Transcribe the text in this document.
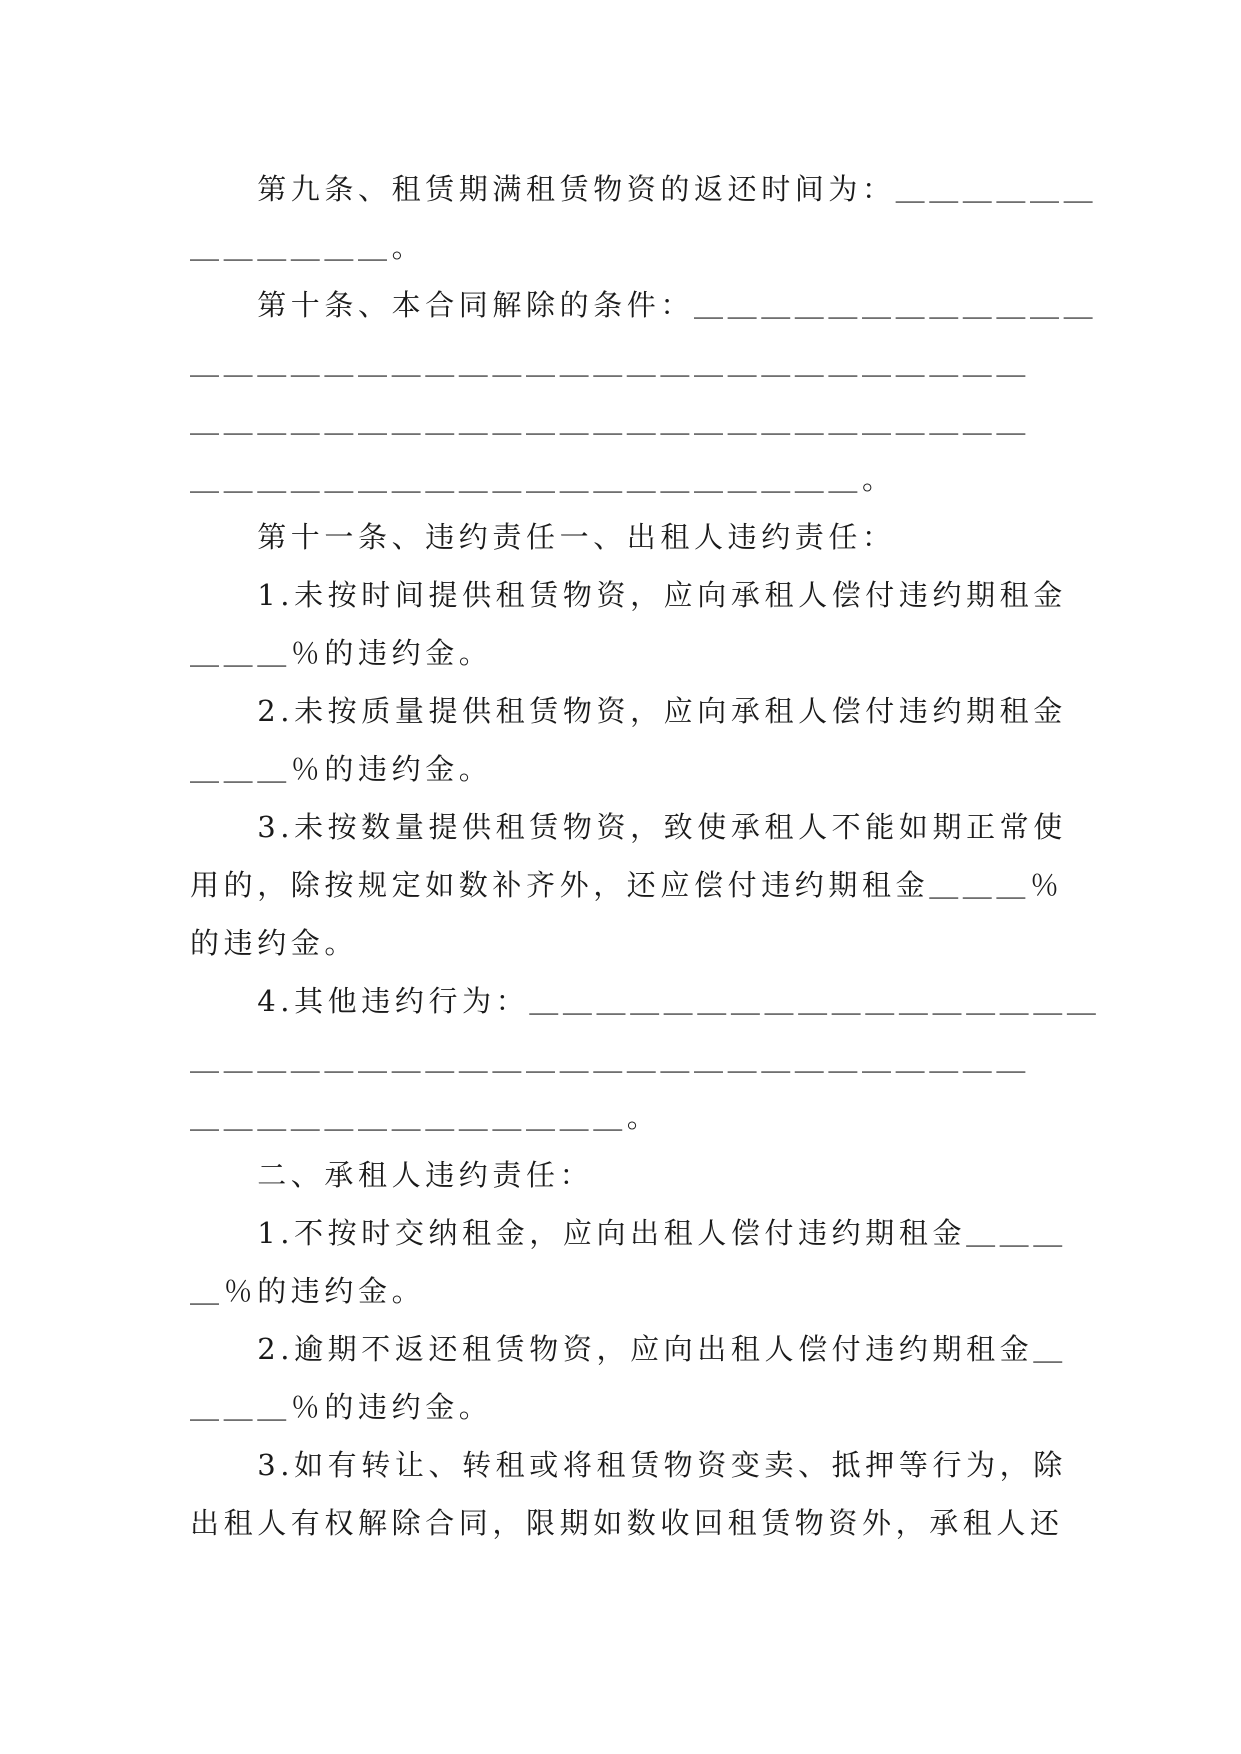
　　第九条、租赁期满租赁物资的返还时间为：＿＿＿＿＿＿
＿＿＿＿＿＿。
　　第十条、本合同解除的条件：＿＿＿＿＿＿＿＿＿＿＿＿
＿＿＿＿＿＿＿＿＿＿＿＿＿＿＿＿＿＿＿＿＿＿＿＿＿
＿＿＿＿＿＿＿＿＿＿＿＿＿＿＿＿＿＿＿＿＿＿＿＿＿
＿＿＿＿＿＿＿＿＿＿＿＿＿＿＿＿＿＿＿＿。
　　第十一条、违约责任一、出租人违约责任：
　　1.未按时间提供租赁物资，应向承租人偿付违约期租金
＿＿＿％的违约金。
　　2.未按质量提供租赁物资，应向承租人偿付违约期租金
＿＿＿％的违约金。
　　3.未按数量提供租赁物资，致使承租人不能如期正常使
用的，除按规定如数补齐外，还应偿付违约期租金＿＿＿％
的违约金。
　　4.其他违约行为：＿＿＿＿＿＿＿＿＿＿＿＿＿＿＿＿＿
＿＿＿＿＿＿＿＿＿＿＿＿＿＿＿＿＿＿＿＿＿＿＿＿＿
＿＿＿＿＿＿＿＿＿＿＿＿＿。
　　二、承租人违约责任：
　　1.不按时交纳租金，应向出租人偿付违约期租金＿＿＿
＿％的违约金。
　　2.逾期不返还租赁物资，应向出租人偿付违约期租金＿
＿＿＿％的违约金。
　　3.如有转让、转租或将租赁物资变卖、抵押等行为，除
出租人有权解除合同，限期如数收回租赁物资外，承租人还
